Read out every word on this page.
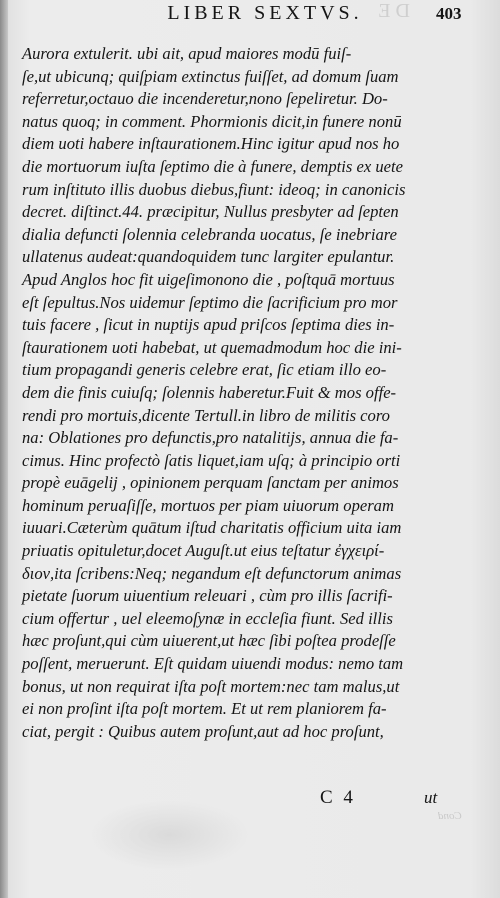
DE
LIBER SEXTVS.	403
Aurora extulerit. ubi ait, apud maiores modū fuiſ-
ſe,ut ubicunq; quiſpiam extinctus fuiſſet, ad domum ſuam
referretur,octauo die incenderetur,nono ſepeliretur. Do-
natus quoq; in comment. Phormionis dicit,in funere nonū
diem uoti habere inſtaurationem.Hinc igitur apud nos ho
die mortuorum iuſta ſeptimo die à funere, demptis ex uete
rum inſtituto illis duobus diebus,fiunt: ideoq; in canonicis
decret. diſtinct.44. præcipitur, Nullus presbyter ad ſepten
dialia defuncti ſolennia celebranda uocatus, ſe inebriare
ullatenus audeat:quandoquidem tunc largiter epulantur.
Apud Anglos hoc fit uigeſimonono die , poſtquā mortuus
eſt ſepultus.Nos uidemur ſeptimo die ſacrificium pro mor
tuis facere , ſicut in nuptijs apud priſcos ſeptima dies in-
ſtaurationem uoti habebat, ut quemadmodum hoc die ini-
tium propagandi generis celebre erat, ſic etiam illo eo-
dem die finis cuiuſq; ſolennis haberetur.Fuit & mos offe-
rendi pro mortuis,dicente Tertull.in libro de militis coro
na: Oblationes pro defunctis,pro natalitijs, annua die fa-
cimus. Hinc profectò ſatis liquet,iam uſq; à principio orti
propè euāgelij , opinionem perquam ſanctam per animos
hominum peruaſiſſe, mortuos per piam uiuorum operam
iuuari.Cæterùm quātum iſtud charitatis officium uita iam
priuatis opituletur,docet Auguſt.ut eius teſtatur ἐγχειρί-
διον,ita ſcribens:Neq; negandum eſt defunctorum animas
pietate ſuorum uiuentium releuari , cùm pro illis ſacrifi-
cium offertur , uel eleemoſynæ in eccleſia fiunt. Sed illis
hæc proſunt,qui cùm uiuerent,ut hæc ſibi poſtea prodeſſe
poſſent, meruerunt. Eſt quidam uiuendi modus: nemo tam
bonus, ut non requirat iſta poſt mortem:nec tam malus,ut
ei non proſint iſta poſt mortem. Et ut rem planiorem fa-
ciat, pergit : Quibus autem proſunt,aut ad hoc proſunt,
C 4	ut
Cond
